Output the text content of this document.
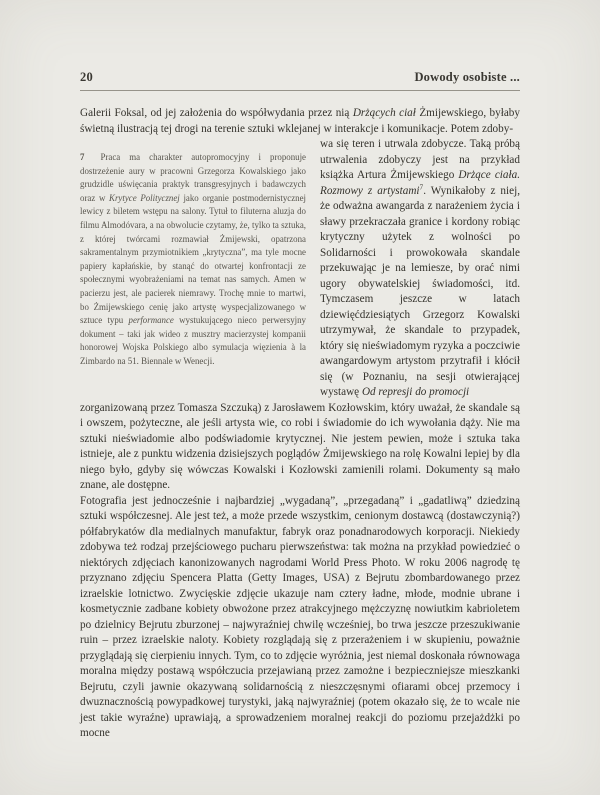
20	Dowody osobiste ...

Galerii Foksal, od jej założenia do współwydania przez nią Drżących ciał Żmijewskiego, byłaby świetną ilustracją tej drogi na terenie sztuki wklejanej w interakcje i komunikacje. Potem zdoby-

7 Praca ma charakter autopromocyjny i proponuje dostrzeżenie aury w pracowni Grzegorza Kowalskiego jako grudzidle uświęcania praktyk transgresyjnych i badawczych oraz w Krytyce Politycznej jako organie postmodernistycznej lewicy z biletem wstępu na salony. Tytuł to filuterna aluzja do filmu Almodóvara, a na obwolucie czytamy, że, tylko ta sztuka, z której twórcami rozmawiał Żmijewski, opatrzona sakramentalnym przymiotnikiem „krytyczna”, ma tyle mocne papiery kapłańskie, by stanąć do otwartej konfrontacji ze społecznymi wyobrażeniami na temat nas samych. Amen w pacierzu jest, ale pacierek niemrawy. Trochę mnie to martwi, bo Żmijewskiego cenię jako artystę wyspecjalizowanego w sztuce typu performance wystukującego nieco perwersyjny dokument – taki jak wideo z musztry macierzystej kompanii honorowej Wojska Polskiego albo symulacja więzienia à la Zimbardo na 51. Biennale w Wenecji.

wa się teren i utrwala zdobycze. Taką próbą utrwalenia zdobyczy jest na przykład książka Artura Żmijewskiego Drżące ciała. Rozmowy z artystami$^7$. Wynikałoby z niej, że odważna awangarda z narażeniem życia i sławy przekraczała granice i kordony robiąc krytyczny użytek z wolności po Solidarności i prowokowała skandale przekuwając je na lemiesze, by orać nimi ugory obywatelskiej świadomości, itd. Tymczasem jeszcze w latach dziewięćdziesiątych Grzegorz Kowalski utrzymywał, że skandale to przypadek, który się nieświadomym ryzyka a poczciwie awangardowym artystom przytrafił i kłócił się (w Poznaniu, na sesji otwierającej wystawę Od represji do promocji

zorganizowaną przez Tomasza Szczuką) z Jarosławem Kozłowskim, który uważał, że skandale są i owszem, pożyteczne, ale jeśli artysta wie, co robi i świadomie do ich wywołania dąży. Nie ma sztuki nieświadomie albo podświadomie krytycznej. Nie jestem pewien, może i sztuka taka istnieje, ale z punktu widzenia dzisiejszych poglądów Żmijewskiego na rolę Kowalni lepiej by dla niego było, gdyby się wówczas Kowalski i Kozłowski zamienili rolami. Dokumenty są mało znane, ale dostępne.

Fotografia jest jednocześnie i najbardziej „wygadaną”, „przegadaną” i „gadatliwą” dziedziną sztuki współczesnej. Ale jest też, a może przede wszystkim, cenionym dostawcą (dostawczynią?) półfabrykatów dla medialnych manufaktur, fabryk oraz ponadnarodowych korporacji. Niekiedy zdobywa też rodzaj przejściowego pucharu pierwszeństwa: tak można na przykład powiedzieć o niektórych zdjęciach kanonizowanych nagrodami World Press Photo. W roku 2006 nagrodę tę przyznano zdjęciu Spencera Platta (Getty Images, USA) z Bejrutu zbombardowanego przez izraelskie lotnictwo. Zwycięskie zdjęcie ukazuje nam cztery ładne, młode, modnie ubrane i kosmetycznie zadbane kobiety obwożone przez atrakcyjnego mężczyznę nowiutkim kabrioletem po dzielnicy Bejrutu zburzonej – najwyraźniej chwilę wcześniej, bo trwa jeszcze przeszukiwanie ruin – przez izraelskie naloty. Kobiety rozglądają się z przerażeniem i w skupieniu, poważnie przyglądają się cierpieniu innych. Tym, co to zdjęcie wyróżnia, jest niemal doskonała równowaga moralna między postawą współczucia przejawianą przez zamożne i bezpieczniejsze mieszkanki Bejrutu, czyli jawnie okazywaną solidarnością z nieszczęsnymi ofiarami obcej przemocy i dwuznacznością powypadkowej turystyki, jaką najwyraźniej (potem okazało się, że to wcale nie jest takie wyraźne) uprawiają, a sprowadzeniem moralnej reakcji do poziomu przejażdżki po mocne
